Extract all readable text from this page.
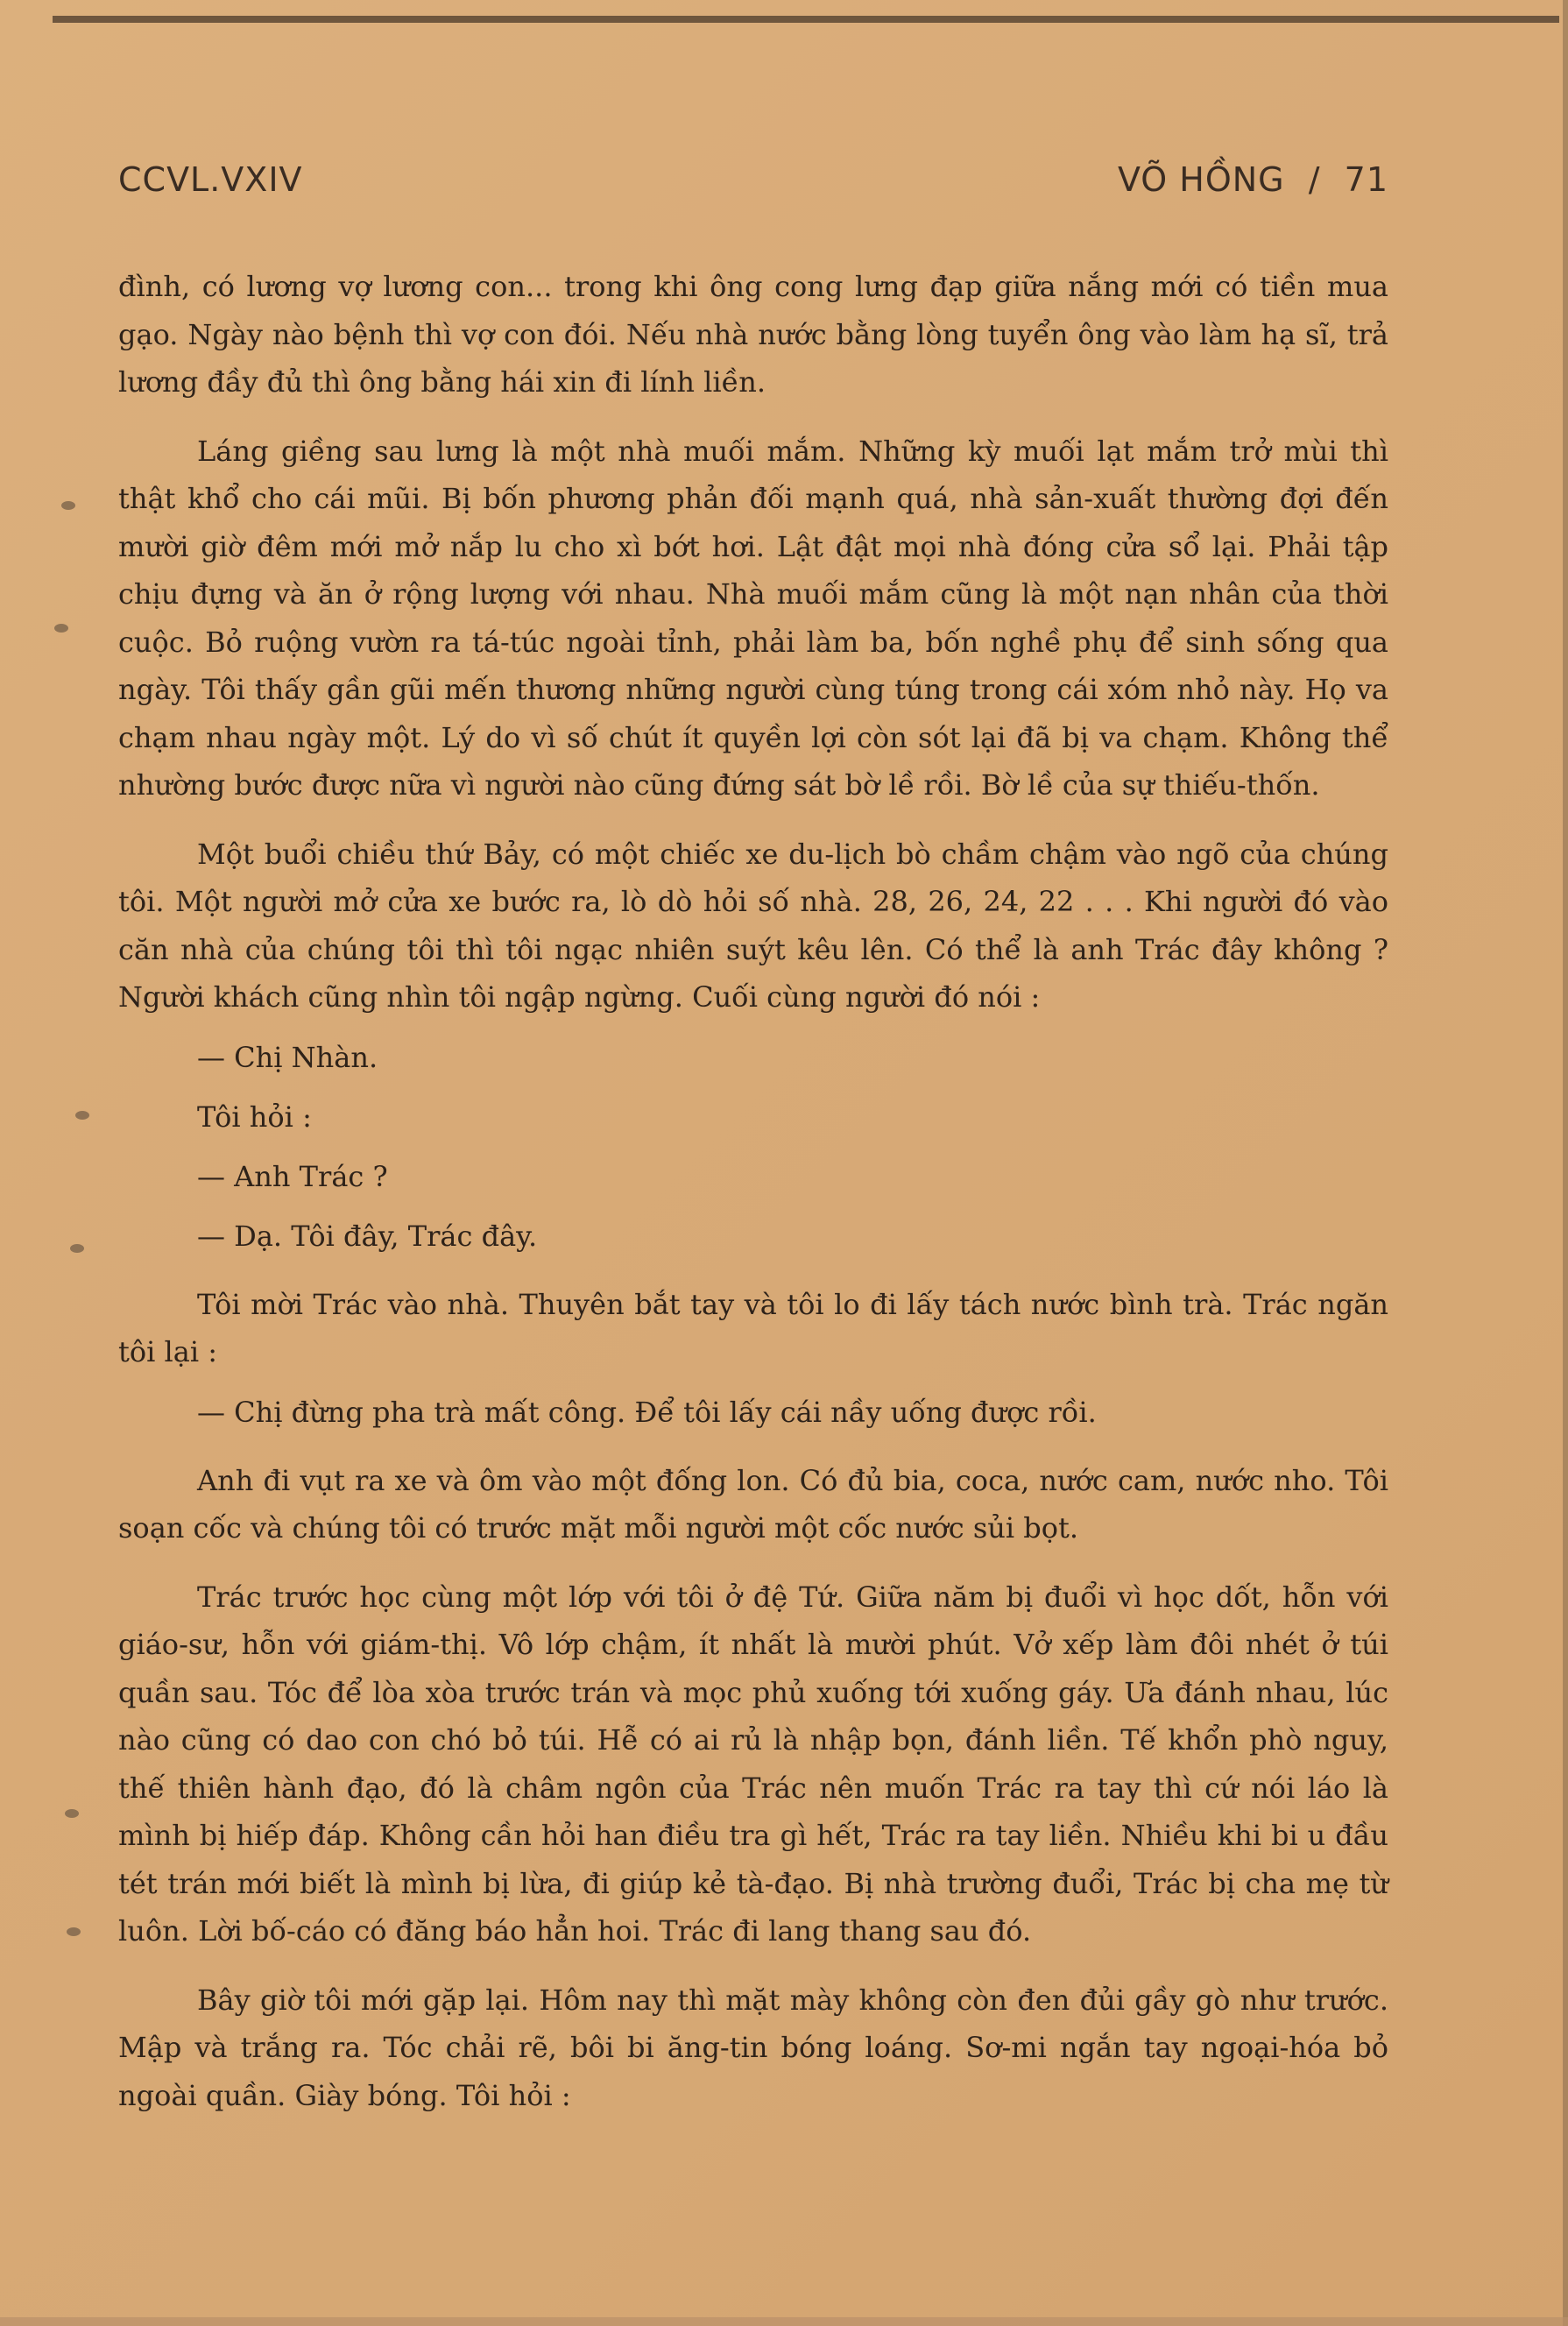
CCVL.VXIV	VÕ HỒNG / 71

đình, có lương vợ lương con... trong khi ông cong lưng đạp giữa nắng mới có tiền mua gạo. Ngày nào bệnh thì vợ con đói. Nếu nhà nước bằng lòng tuyển ông vào làm hạ sĩ, trả lương đầy đủ thì ông bằng hái xin đi lính liền.

Láng giềng sau lưng là một nhà muối mắm. Những kỳ muối lạt mắm trở mùi thì thật khổ cho cái mũi. Bị bốn phương phản đối mạnh quá, nhà sản-xuất thường đợi đến mười giờ đêm mới mở nắp lu cho xì bớt hơi. Lật đật mọi nhà đóng cửa sổ lại. Phải tập chịu đựng và ăn ở rộng lượng với nhau. Nhà muối mắm cũng là một nạn nhân của thời cuộc. Bỏ ruộng vườn ra tá-túc ngoài tỉnh, phải làm ba, bốn nghề phụ để sinh sống qua ngày. Tôi thấy gần gũi mến thương những người cùng túng trong cái xóm nhỏ này. Họ va chạm nhau ngày một. Lý do vì số chút ít quyền lợi còn sót lại đã bị va chạm. Không thể nhường bước được nữa vì người nào cũng đứng sát bờ lề rồi. Bờ lề của sự thiếu-thốn.

Một buổi chiều thứ Bảy, có một chiếc xe du-lịch bò chầm chậm vào ngõ của chúng tôi. Một người mở cửa xe bước ra, lò dò hỏi số nhà. 28, 26, 24, 22 . . . Khi người đó vào căn nhà của chúng tôi thì tôi ngạc nhiên suýt kêu lên. Có thể là anh Trác đây không ? Người khách cũng nhìn tôi ngập ngừng. Cuối cùng người đó nói :

— Chị Nhàn.

Tôi hỏi :

— Anh Trác ?

— Dạ. Tôi đây, Trác đây.

Tôi mời Trác vào nhà. Thuyên bắt tay và tôi lo đi lấy tách nước bình trà. Trác ngăn tôi lại :

— Chị đừng pha trà mất công. Để tôi lấy cái nầy uống được rồi.

Anh đi vụt ra xe và ôm vào một đống lon. Có đủ bia, coca, nước cam, nước nho. Tôi soạn cốc và chúng tôi có trước mặt mỗi người một cốc nước sủi bọt.

Trác trước học cùng một lớp với tôi ở đệ Tứ. Giữa năm bị đuổi vì học dốt, hỗn với giáo-sư, hỗn với giám-thị. Vô lớp chậm, ít nhất là mười phút. Vở xếp làm đôi nhét ở túi quần sau. Tóc để lòa xòa trước trán và mọc phủ xuống tới xuống gáy. Ưa đánh nhau, lúc nào cũng có dao con chó bỏ túi. Hễ có ai rủ là nhập bọn, đánh liền. Tế khổn phò nguy, thế thiên hành đạo, đó là châm ngôn của Trác nên muốn Trác ra tay thì cứ nói láo là mình bị hiếp đáp. Không cần hỏi han điều tra gì hết, Trác ra tay liền. Nhiều khi bi u đầu tét trán mới biết là mình bị lừa, đi giúp kẻ tà-đạo. Bị nhà trường đuổi, Trác bị cha mẹ từ luôn. Lời bố-cáo có đăng báo hẳn hoi. Trác đi lang thang sau đó.

Bây giờ tôi mới gặp lại. Hôm nay thì mặt mày không còn đen đủi gầy gò như trước. Mập và trắng ra. Tóc chải rẽ, bôi bi ăng-tin bóng loáng. Sơ-mi ngắn tay ngoại-hóa bỏ ngoài quần. Giày bóng. Tôi hỏi :
